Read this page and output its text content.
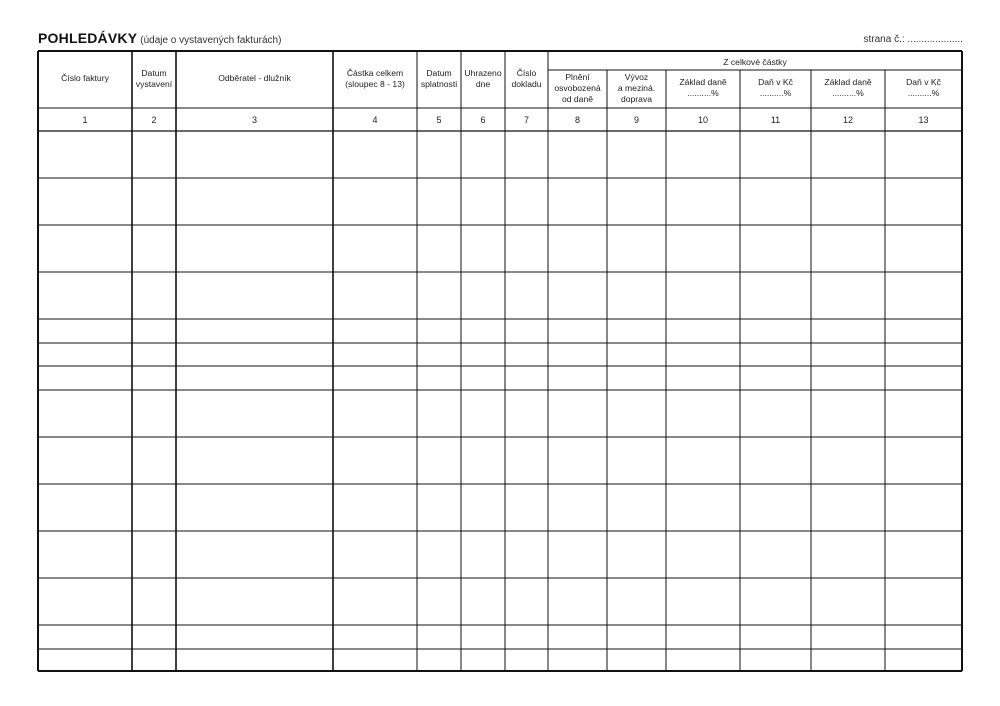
POHLEDÁVKY (údaje o vystavených fakturách)	strana č.: ....................
Z celkové částky
Číslo faktury
1
Datum
vystavení
2
Odběratel - dlužník
3
Částka celkem
(sloupec 8 - 13)
4
Datum
splatnosti
5
Uhrazeno
dne
6
Číslo
dokladu
7
Plnění
osvobozená
od daně
8
Vývoz
a meziná.
doprava
9
Základ daně
..........%
10
Daň v Kč
..........%
11
Základ daně
..........%
12
Daň v Kč
..........%
13
